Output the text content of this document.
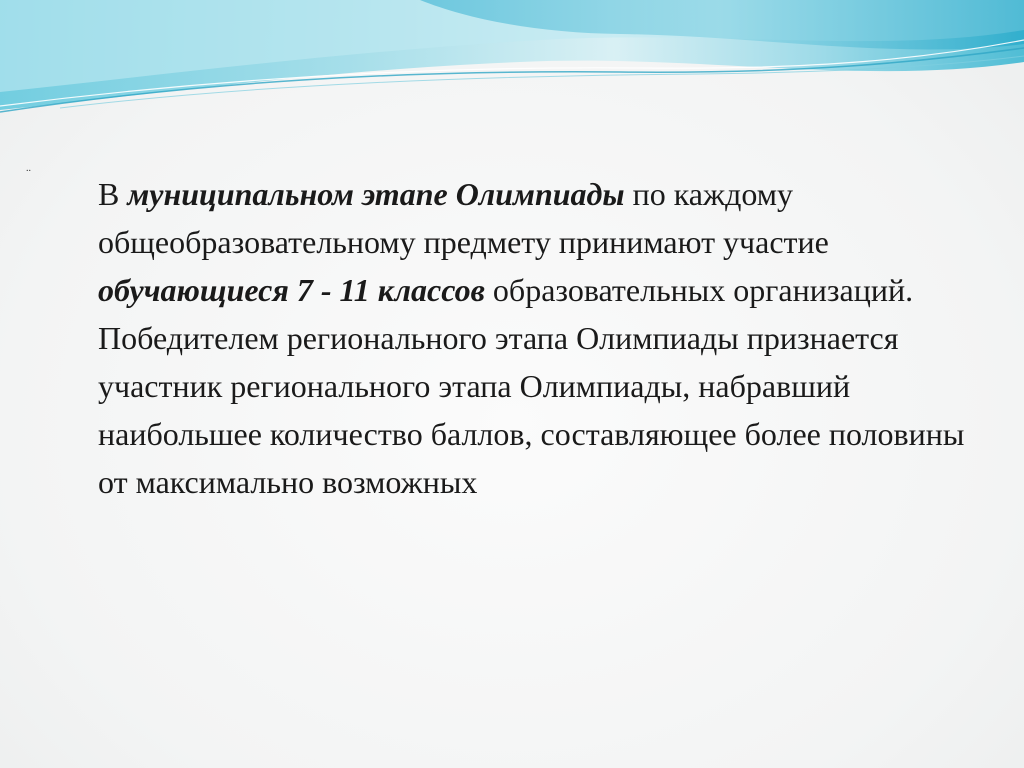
..

В муниципальном этапе Олимпиады по каждому общеобразовательному предмету принимают участие обучающиеся 7 - 11 классов образовательных организаций.

Победителем регионального этапа Олимпиады признается участник регионального этапа Олимпиады, набравший наибольшее количество баллов, составляющее более половины от максимально возможных
